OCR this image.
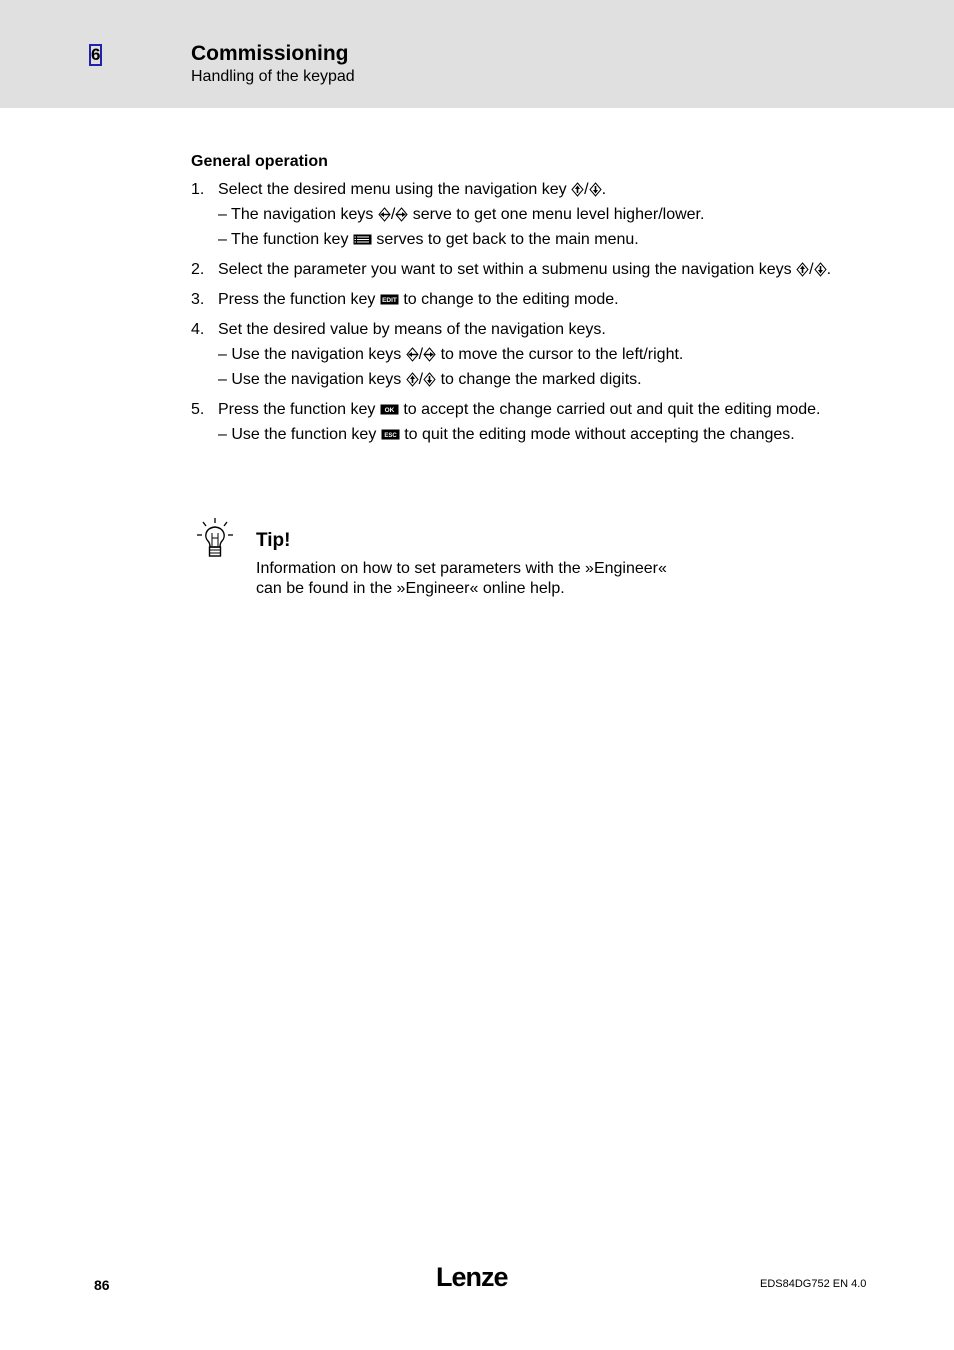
6	Commissioning
Handling of the keypad
General operation
1. Select the desired menu using the navigation key / .
– The navigation keys / serve to get one menu level higher/lower.
– The function key serves to get back to the main menu.
2. Select the parameter you want to set within a submenu using the navigation keys / .
3. Press the function key EDIT to change to the editing mode.
4. Set the desired value by means of the navigation keys.
– Use the navigation keys / to move the cursor to the left/right.
– Use the navigation keys / to change the marked digits.
5. Press the function key OK to accept the change carried out and quit the editing mode.
– Use the function key ESC to quit the editing mode without accepting the changes.
Tip!
Information on how to set parameters with the »Engineer«
can be found in the »Engineer« online help.
86	Lenze	EDS84DG752 EN 4.0
